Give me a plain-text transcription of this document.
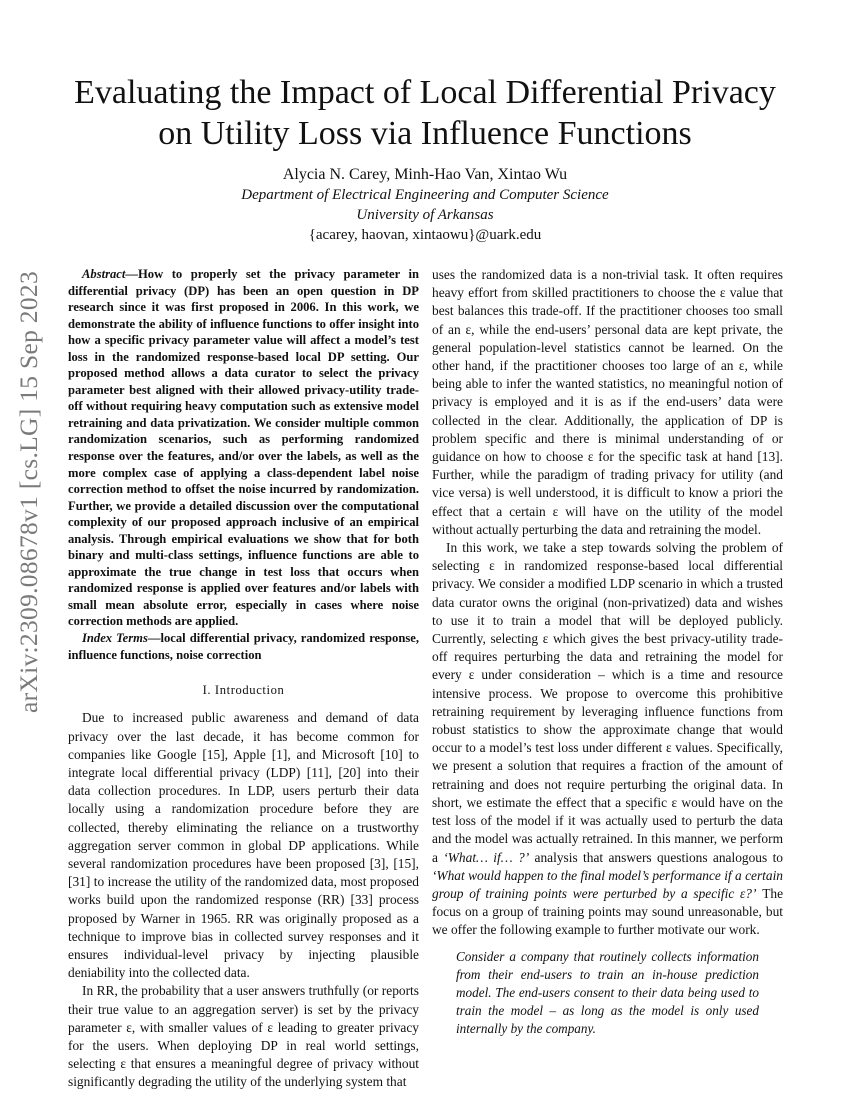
arXiv:2309.08678v1 [cs.LG] 15 Sep 2023
Evaluating the Impact of Local Differential Privacy
on Utility Loss via Influence Functions
Alycia N. Carey, Minh-Hao Van, Xintao Wu
Department of Electrical Engineering and Computer Science
University of Arkansas
{acarey, haovan, xintaowu}@uark.edu

Abstract—How to properly set the privacy parameter in differential privacy (DP) has been an open question in DP research since it was first proposed in 2006. In this work, we demonstrate the ability of influence functions to offer insight into how a specific privacy parameter value will affect a model’s test loss in the randomized response-based local DP setting. Our proposed method allows a data curator to select the privacy parameter best aligned with their allowed privacy-utility trade-off without requiring heavy computation such as extensive model retraining and data privatization. We consider multiple common randomization scenarios, such as performing randomized response over the features, and/or over the labels, as well as the more complex case of applying a class-dependent label noise correction method to offset the noise incurred by randomization. Further, we provide a detailed discussion over the computational complexity of our proposed approach inclusive of an empirical analysis. Through empirical evaluations we show that for both binary and multi-class settings, influence functions are able to approximate the true change in test loss that occurs when randomized response is applied over features and/or labels with small mean absolute error, especially in cases where noise correction methods are applied.

Index Terms—local differential privacy, randomized response, influence functions, noise correction

I. Introduction

Due to increased public awareness and demand of data privacy over the last decade, it has become common for companies like Google [15], Apple [1], and Microsoft [10] to integrate local differential privacy (LDP) [11], [20] into their data collection procedures. In LDP, users perturb their data locally using a randomization procedure before they are collected, thereby eliminating the reliance on a trustworthy aggregation server common in global DP applications. While several randomization procedures have been proposed [3], [15], [31] to increase the utility of the randomized data, most proposed works build upon the randomized response (RR) [33] process proposed by Warner in 1965. RR was originally proposed as a technique to improve bias in collected survey responses and it ensures individual-level privacy by injecting plausible deniability into the collected data.

In RR, the probability that a user answers truthfully (or reports their true value to an aggregation server) is set by the privacy parameter ε, with smaller values of ε leading to greater privacy for the users. When deploying DP in real world settings, selecting ε that ensures a meaningful degree of privacy without significantly degrading the utility of the underlying system that

uses the randomized data is a non-trivial task. It often requires heavy effort from skilled practitioners to choose the ε value that best balances this trade-off. If the practitioner chooses too small of an ε, while the end-users’ personal data are kept private, the general population-level statistics cannot be learned. On the other hand, if the practitioner chooses too large of an ε, while being able to infer the wanted statistics, no meaningful notion of privacy is employed and it is as if the end-users’ data were collected in the clear. Additionally, the application of DP is problem specific and there is minimal understanding of or guidance on how to choose ε for the specific task at hand [13]. Further, while the paradigm of trading privacy for utility (and vice versa) is well understood, it is difficult to know a priori the effect that a certain ε will have on the utility of the model without actually perturbing the data and retraining the model.

In this work, we take a step towards solving the problem of selecting ε in randomized response-based local differential privacy. We consider a modified LDP scenario in which a trusted data curator owns the original (non-privatized) data and wishes to use it to train a model that will be deployed publicly. Currently, selecting ε which gives the best privacy-utility trade-off requires perturbing the data and retraining the model for every ε under consideration – which is a time and resource intensive process. We propose to overcome this prohibitive retraining requirement by leveraging influence functions from robust statistics to show the approximate change that would occur to a model’s test loss under different ε values. Specifically, we present a solution that requires a fraction of the amount of retraining and does not require perturbing the original data. In short, we estimate the effect that a specific ε would have on the test loss of the model if it was actually used to perturb the data and the model was actually retrained. In this manner, we perform a ‘What… if… ?’ analysis that answers questions analogous to ‘What would happen to the final model’s performance if a certain group of training points were perturbed by a specific ε?’ The focus on a group of training points may sound unreasonable, but we offer the following example to further motivate our work.

Consider a company that routinely collects information from their end-users to train an in-house prediction model. The end-users consent to their data being used to train the model – as long as the model is only used internally by the company.
